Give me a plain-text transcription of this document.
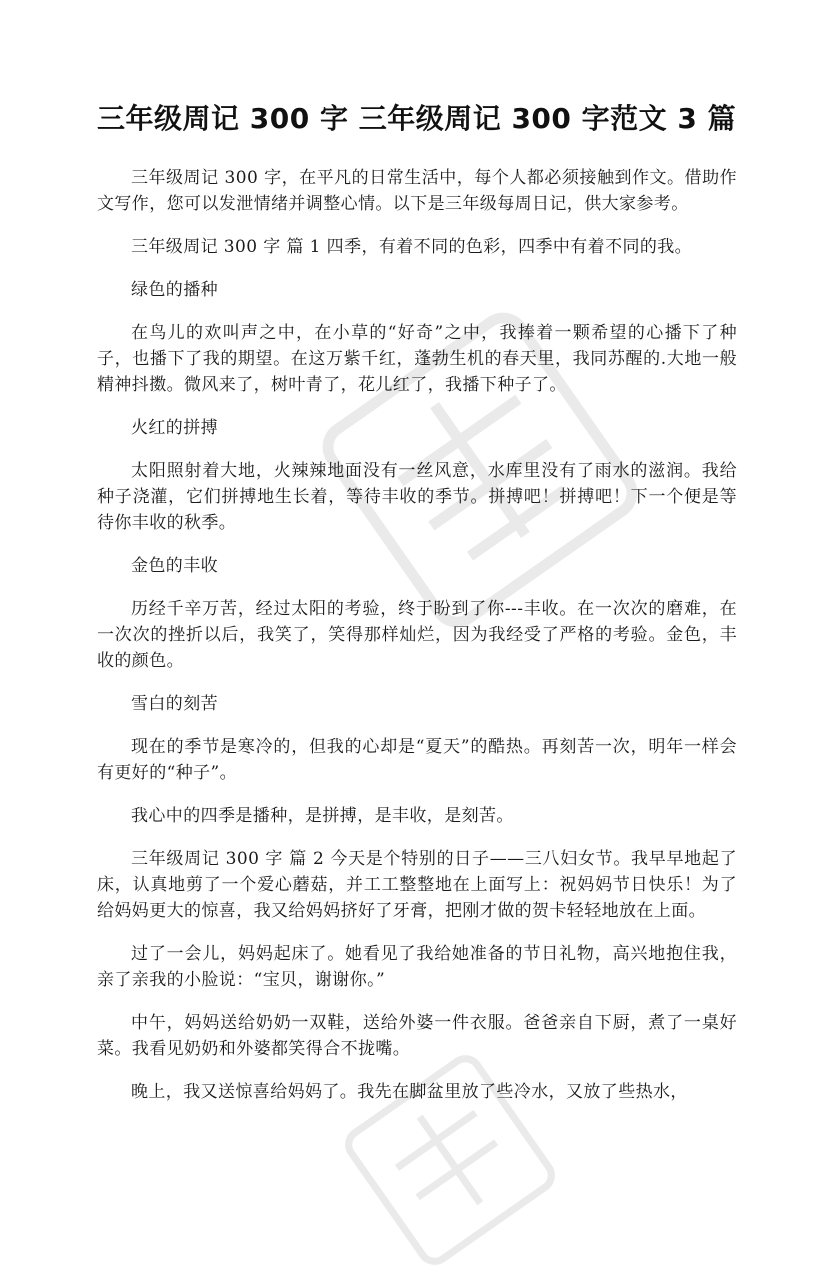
三年级周记 300 字 三年级周记 300 字范文 3 篇

三年级周记 300 字，在平凡的日常生活中，每个人都必须接触到作文。借助作文写作，您可以发泄情绪并调整心情。以下是三年级每周日记，供大家参考。

三年级周记 300 字 篇 1 四季，有着不同的色彩，四季中有着不同的我。

绿色的播种

在鸟儿的欢叫声之中，在小草的“好奇”之中，我捧着一颗希望的心播下了种子，也播下了我的期望。在这万紫千红，蓬勃生机的春天里，我同苏醒的.大地一般精神抖擞。微风来了，树叶青了，花儿红了，我播下种子了。

火红的拼搏

太阳照射着大地，火辣辣地面没有一丝风意，水库里没有了雨水的滋润。我给种子浇灌，它们拼搏地生长着，等待丰收的季节。拼搏吧！拼搏吧！下一个便是等待你丰收的秋季。

金色的丰收

历经千辛万苦，经过太阳的考验，终于盼到了你---丰收。在一次次的磨难，在一次次的挫折以后，我笑了，笑得那样灿烂，因为我经受了严格的考验。金色，丰收的颜色。

雪白的刻苦

现在的季节是寒冷的，但我的心却是“夏天”的酷热。再刻苦一次，明年一样会有更好的“种子”。

我心中的四季是播种，是拼搏，是丰收，是刻苦。

三年级周记 300 字 篇 2 今天是个特别的日子——三八妇女节。我早早地起了床，认真地剪了一个爱心蘑菇，并工工整整地在上面写上：祝妈妈节日快乐！为了给妈妈更大的惊喜，我又给妈妈挤好了牙膏，把刚才做的贺卡轻轻地放在上面。

过了一会儿，妈妈起床了。她看见了我给她准备的节日礼物，高兴地抱住我，亲了亲我的小脸说：“宝贝，谢谢你。”

中午，妈妈送给奶奶一双鞋，送给外婆一件衣服。爸爸亲自下厨，煮了一桌好菜。我看见奶奶和外婆都笑得合不拢嘴。

晚上，我又送惊喜给妈妈了。我先在脚盆里放了些冷水，又放了些热水，
